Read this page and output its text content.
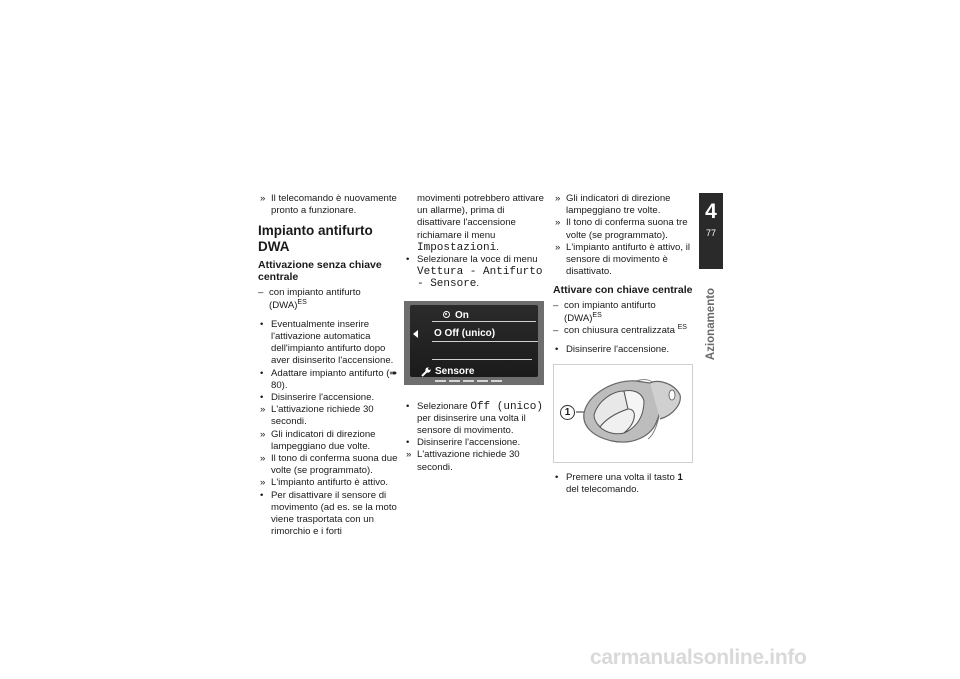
» Il telecomando è nuovamente pronto a funzionare.
Impianto antifurto DWA
Attivazione senza chiave centrale
– con impianto antifurto (DWA)$^{ES}$
• Eventualmente inserire l'attivazione automatica dell'impianto antifurto dopo aver disinserito l'accensione.
• Adattare impianto antifurto (➠ 80).
• Disinserire l'accensione.
» L'attivazione richiede 30 secondi.
» Gli indicatori di direzione lampeggiano due volte.
» Il tono di conferma suona due volte (se programmato).
» L'impianto antifurto è attivo.
• Per disattivare il sensore di movimento (ad es. se la moto viene trasportata con un rimorchio e i forti
movimenti potrebbero attivare un allarme), prima di disattivare l'accensione richiamare il menu Impostazioni.
• Selezionare la voce di menu Vettura - Antifurto - Sensore.
On
O Off (unico)
Sensore
• Selezionare Off (unico) per disinserire una volta il sensore di movimento.
• Disinserire l'accensione.
» L'attivazione richiede 30 secondi.
» Gli indicatori di direzione lampeggiano tre volte.
» Il tono di conferma suona tre volte (se programmato).
» L'impianto antifurto è attivo, il sensore di movimento è disattivato.
Attivare con chiave centrale
– con impianto antifurto (DWA)$^{ES}$
– con chiusura centralizzata $^{ES}$
• Disinserire l'accensione.
1
• Premere una volta il tasto 1 del telecomando.
4
77
Azionamento
carmanualsonline.info
